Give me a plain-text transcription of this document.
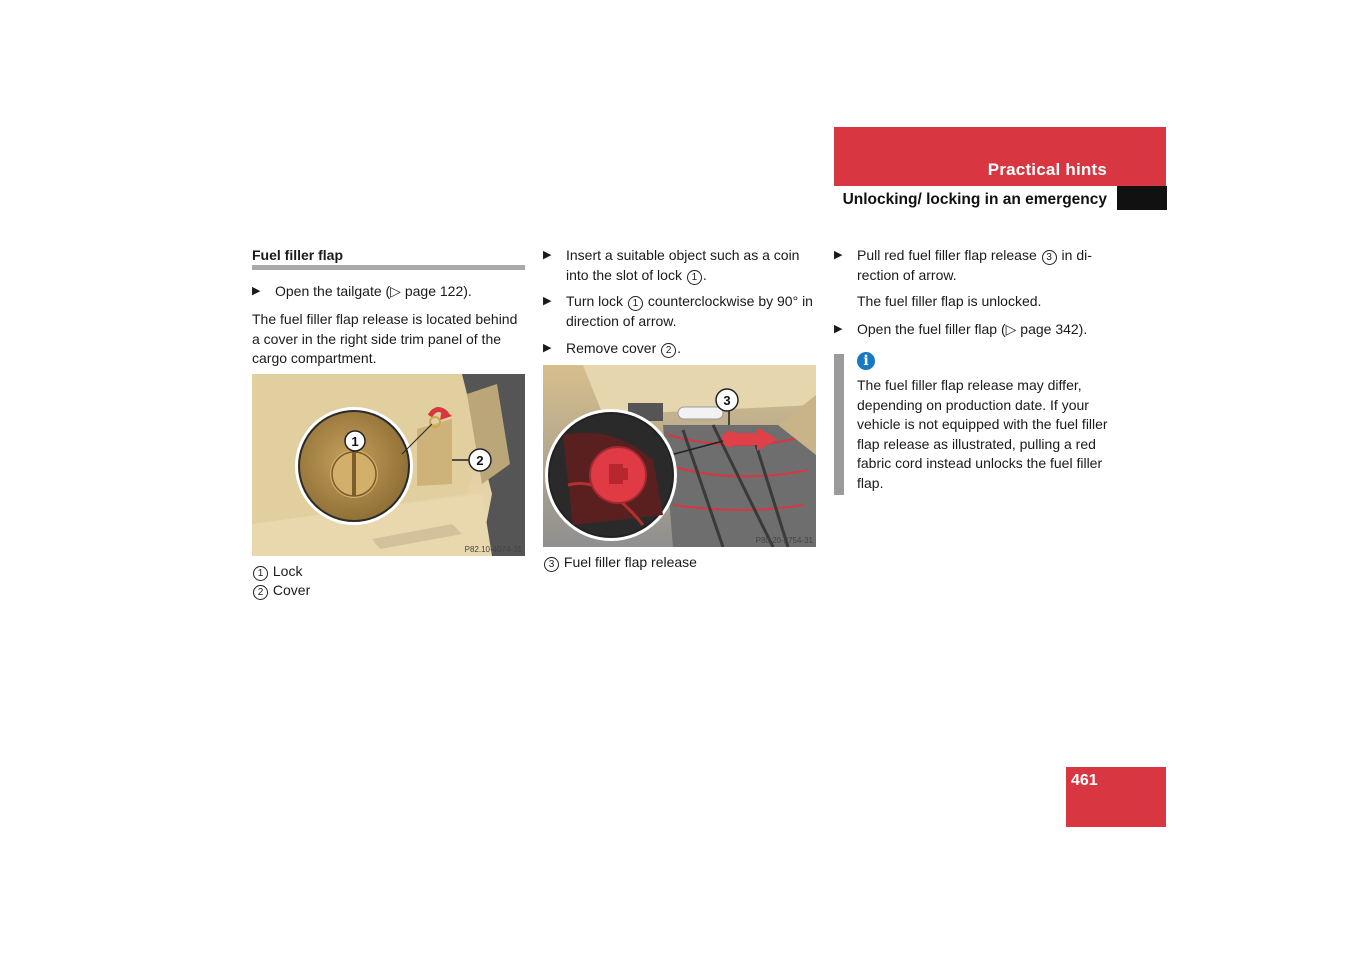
Practical hints
Unlocking/ locking in an emergency
Fuel filler flap
▶ Open the tailgate (▷ page 122).
The fuel filler flap release is located behind a cover in the right side trim panel of the cargo compartment.
1
2
P82.10-4074-31
1 Lock
2 Cover
▶ Insert a suitable object such as a coin into the slot of lock 1 .
▶ Turn lock 1 counterclockwise by 90° in direction of arrow.
▶ Remove cover 2 .
3
P80.20-2754-31
3 Fuel filler flap release
▶ Pull red fuel filler flap release 3 in di-rection of arrow.
The fuel filler flap is unlocked.
▶ Open the fuel filler flap (▷ page 342).
i
The fuel filler flap release may differ, depending on production date. If your vehicle is not equipped with the fuel filler flap release as illustrated, pulling a red fabric cord instead unlocks the fuel filler flap.
461
